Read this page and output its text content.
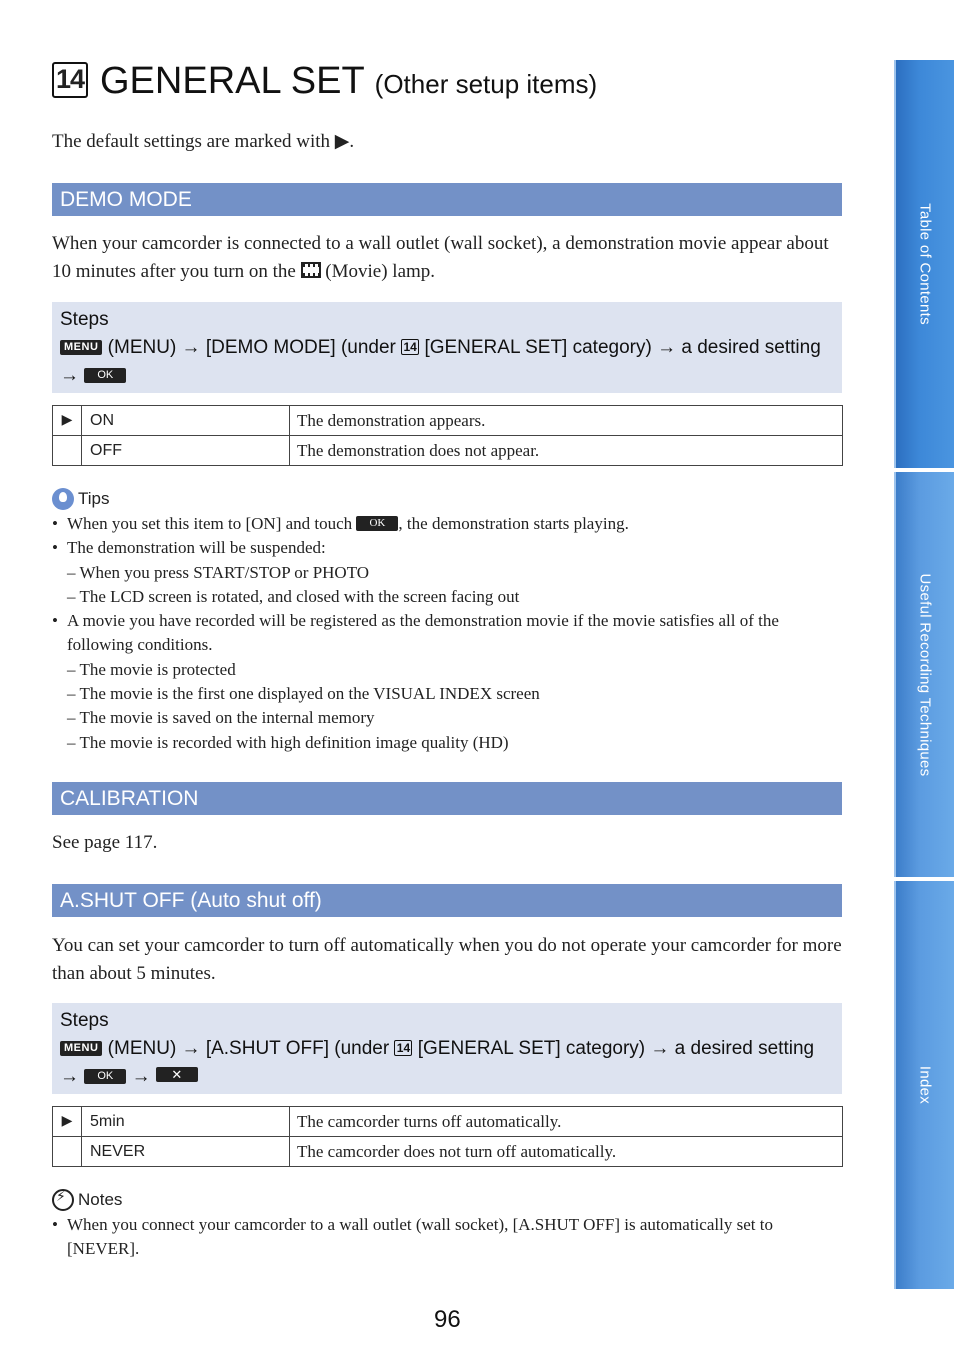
14 GENERAL SET (Other setup items)
The default settings are marked with ▶.
DEMO MODE
When your camcorder is connected to a wall outlet (wall socket), a demonstration movie appear about 10 minutes after you turn on the (Movie) lamp.
Steps
MENU (MENU) → [DEMO MODE] (under 14 [GENERAL SET] category) → a desired setting → OK
▶	ON	The demonstration appears.
	OFF	The demonstration does not appear.
Tips
• When you set this item to [ON] and touch OK , the demonstration starts playing.
• The demonstration will be suspended:
– When you press START/STOP or PHOTO
– The LCD screen is rotated, and closed with the screen facing out
• A movie you have recorded will be registered as the demonstration movie if the movie satisfies all of the following conditions.
– The movie is protected
– The movie is the first one displayed on the VISUAL INDEX screen
– The movie is saved on the internal memory
– The movie is recorded with high definition image quality (HD)
CALIBRATION
See page 117.
A.SHUT OFF (Auto shut off)
You can set your camcorder to turn off automatically when you do not operate your camcorder for more than about 5 minutes.
Steps
MENU (MENU) → [A.SHUT OFF] (under 14 [GENERAL SET] category) → a desired setting → OK → ✕
▶	5min	The camcorder turns off automatically.
	NEVER	The camcorder does not turn off automatically.
⚡
Notes
• When you connect your camcorder to a wall outlet (wall socket), [A.SHUT OFF] is automatically set to [NEVER].
Table of Contents
Useful Recording Techniques
Index
96
